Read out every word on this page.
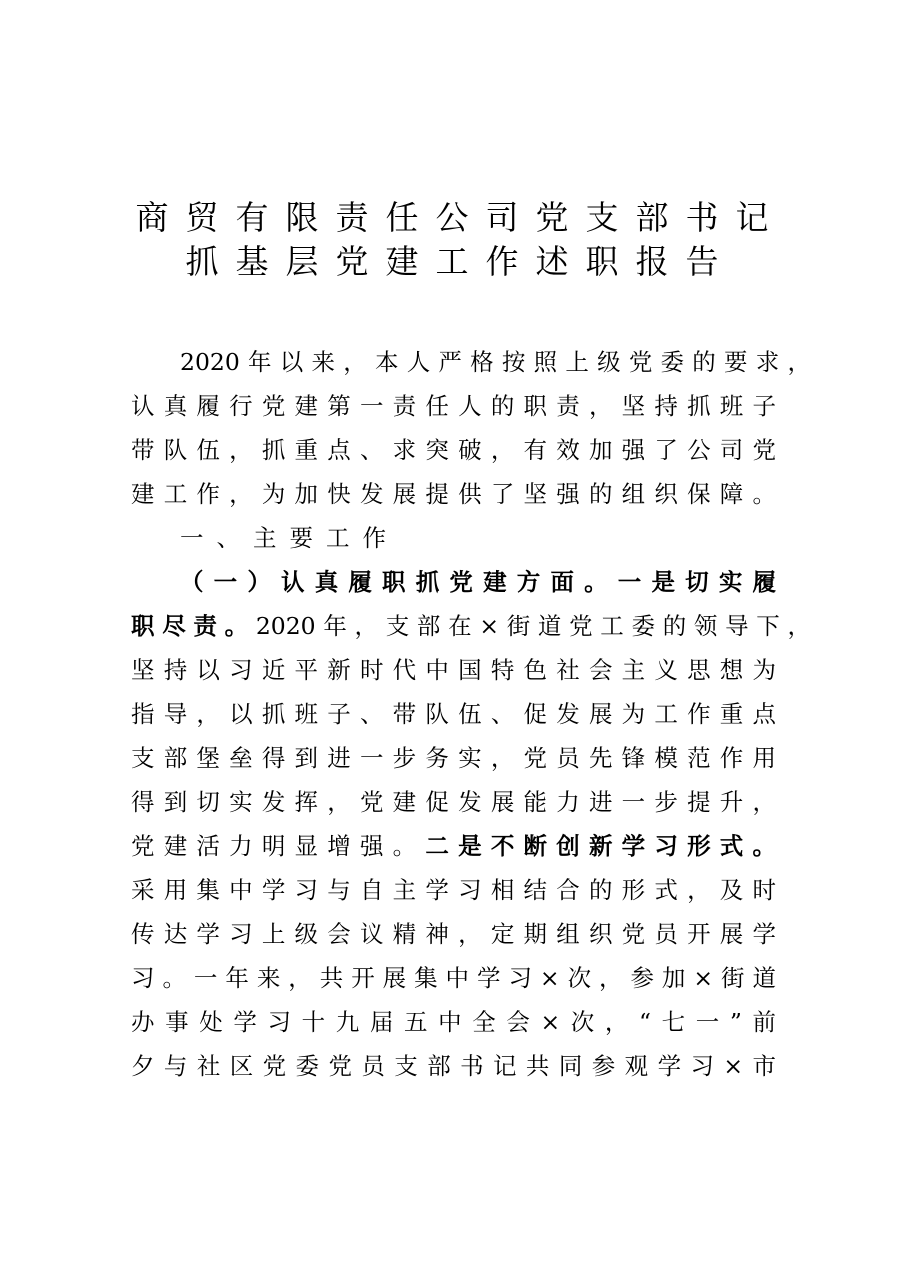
商贸有限责任公司党支部书记
抓基层党建工作述职报告
2020年以来，本人严格按照上级党委的要求，
认真履行党建第一责任人的职责，坚持抓班子
带队伍，抓重点、求突破，有效加强了公司党
建工作，为加快发展提供了坚强的组织保障。
一、主要工作
（一）认真履职抓党建方面。一是切实履
职尽责。2020年，支部在×街道党工委的领导下，
坚持以习近平新时代中国特色社会主义思想为
指导，以抓班子、带队伍、促发展为工作重点
支部堡垒得到进一步务实，党员先锋模范作用
得到切实发挥，党建促发展能力进一步提升，
党建活力明显增强。二是不断创新学习形式。
采用集中学习与自主学习相结合的形式，及时
传达学习上级会议精神，定期组织党员开展学
习。一年来，共开展集中学习×次，参加×街道
办事处学习十九届五中全会×次，“七一”前
夕与社区党委党员支部书记共同参观学习×市
